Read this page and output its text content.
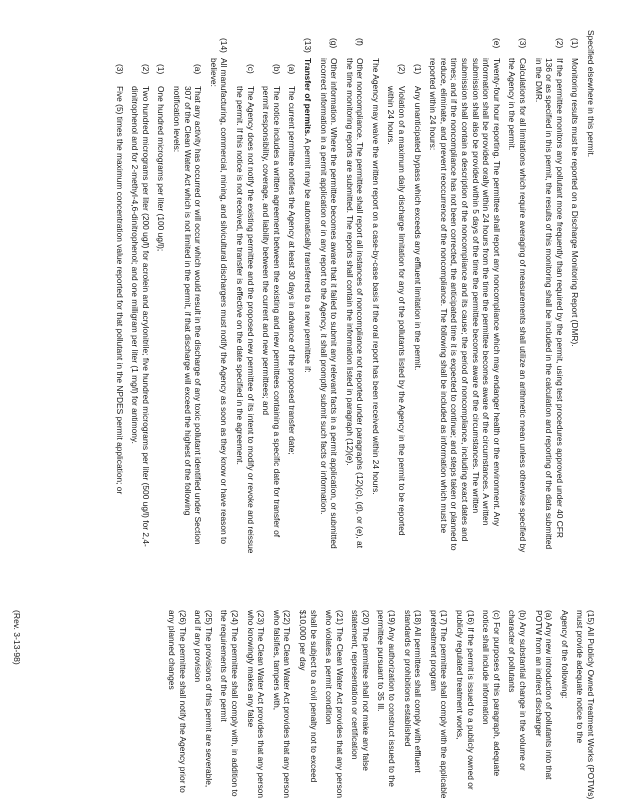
Specified elsewhere in this permit.

(1)
Monitoring results must be reported on a Discharge Monitoring Report (DMR).

(2)
If the permittee monitors any pollutant more frequently than required by the permit, using test procedures approved under 40 CFR 136 or as specified in this permit, the results of this monitoring shall be included in the calculation and reporting of the data submitted in the DMR.

(3)
Calculations for all limitations which require averaging of measurements shall utilize an arithmetic mean unless otherwise specified by the Agency in the permit.

(e)
Twenty-four hour reporting. The permittee shall report any noncompliance which may endanger health or the environment. Any information shall be provided orally within 24 hours from the time the permittee becomes aware of the circumstances. A written submission shall also be provided within 5 days of the time the permittee becomes aware of the circumstances. The written submission shall contain a description of the noncompliance and its cause; the period of noncompliance, including exact dates and times; and if the noncompliance has not been corrected, the anticipated time it is expected to continue; and steps taken or planned to reduce, eliminate, and prevent reoccurrence of the noncompliance. The following shall be included as information which must be reported within 24 hours:

(1)
Any unanticipated bypass which exceeds any effluent limitation in the permit.

(2)
Violation of a maximum daily discharge limitation for any of the pollutants listed by the Agency in the permit to be reported within 24 hours.

The Agency may waive the written report on a case-by-case basis if the oral report has been received within 24 hours.

(f)
Other noncompliance. The permittee shall report all instances of noncompliance not reported under paragraphs (12)(c), (d), or (e), at the time monitoring reports are submitted. The reports shall contain the information listed in paragraph (12)(e).

(g)
Other information. Where the permittee becomes aware that it failed to submit any relevant facts in a permit application, or submitted incorrect information in a permit application or in any report to the Agency, it shall promptly submit such facts or information.

(13)
Transfer of permits. A permit may be automatically transferred to a new permittee if:

(a)
The current permittee notifies the Agency at least 30 days in advance of the proposed transfer date;

(b)
The notice includes a written agreement between the existing and new permittees containing a specific date for transfer of permit responsibility, coverage, and liability between the current and new permittees; and

(c)
The Agency does not notify the existing permittee and the proposed new permittee of its intent to modify or revoke and reissue the permit. If this notice is not received, the transfer is effective on the date specified in the agreement.

(14)
All manufacturing, commercial, mining, and silvicultural dischargers must notify the Agency as soon as they know or have reason to believe:

(a)
That any activity has occurred or will occur which would result in the discharge of any toxic pollutant identified under Section 307 of the Clean Water Act which is not limited in the permit, if that discharge will exceed the highest of the following notification levels:

(1)
One hundred micrograms per liter (100 ug/l);

(2)
Two hundred micrograms per liter (200 ug/l) for acrolein and acrylonitrile; five hundred micrograms per liter (500 ug/l) for 2,4-dinitrophenol and for 2-methyl-4,6-dinitrophenol; and one milligram per liter (1 mg/l) for antimony.

(3)
Five (5) times the maximum concentration value reported for that pollutant in the NPDES permit application; or

(15) All Publicly Owned Treatment Works (POTWs) must provide adequate notice to the

Agency of the following:

(a) Any new introduction of pollutants into that POTW from an indirect discharger

(b) Any substantial change in the volume or character of pollutants

(c) For purposes of this paragraph, adequate notice shall include information

(16) If the permit is issued to a publicly owned or publicly regulated treatment works,

(17) The permittee shall comply with the applicable pretreatment program

(18) All permittees shall comply with effluent standards or prohibitions established

(19) Any authorization to construct issued to the permittee pursuant to 35 Ill.

(20) The permittee shall not make any false statement, representation or certification

(21) The Clean Water Act provides that any person who violates a permit condition

shall be subject to a civil penalty not to exceed $10,000 per day

(22) The Clean Water Act provides that any person who falsifies, tampers with,

(23) The Clean Water Act provides that any person who knowingly makes any false

(24) The permittee shall comply with, in addition to the requirements of the permit

(25) The provisions of this permit are severable, and if any provision

(26) The permittee shall notify the Agency prior to any planned changes

(Rev. 3-13-98)
